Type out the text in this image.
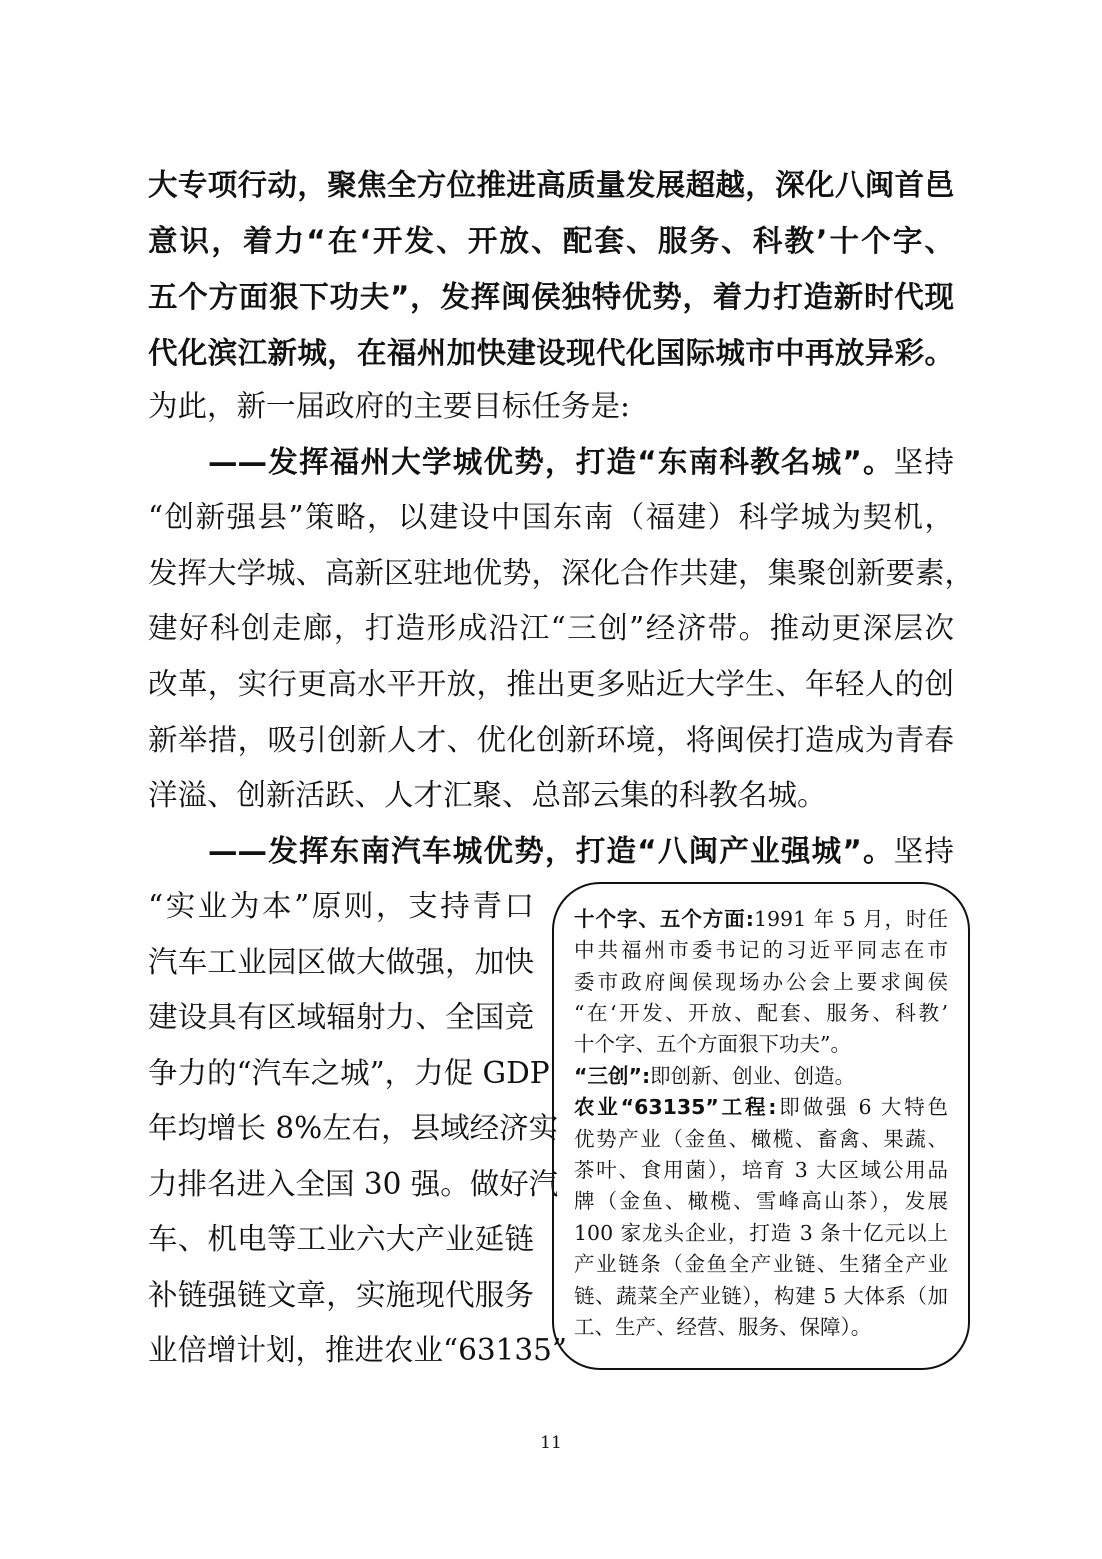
大专项行动，聚焦全方位推进高质量发展超越，深化八闽首邑
意识，着力“在‘开发、开放、配套、服务、科教’十个字、
五个方面狠下功夫”，发挥闽侯独特优势，着力打造新时代现
代化滨江新城，在福州加快建设现代化国际城市中再放异彩。
为此，新一届政府的主要目标任务是:
——发挥福州大学城优势，打造“东南科教名城”。坚持
“创新强县”策略，以建设中国东南（福建）科学城为契机，
发挥大学城、高新区驻地优势，深化合作共建，集聚创新要素，
建好科创走廊，打造形成沿江“三创”经济带。推动更深层次
改革，实行更高水平开放，推出更多贴近大学生、年轻人的创
新举措，吸引创新人才、优化创新环境，将闽侯打造成为青春
洋溢、创新活跃、人才汇聚、总部云集的科教名城。
——发挥东南汽车城优势，打造“八闽产业强城”。坚持
“实业为本”原则，支持青口
汽车工业园区做大做强，加快
建设具有区域辐射力、全国竞
争力的“汽车之城”，力促 GDP
年均增长 8%左右，县域经济实
力排名进入全国 30 强。做好汽
车、机电等工业六大产业延链
补链强链文章，实施现代服务
业倍增计划，推进农业“63135”
十个字、五个方面:1991 年 5 月，时任
中共福州市委书记的习近平同志在市
委市政府闽侯现场办公会上要求闽侯
“在‘开发、开放、配套、服务、科教’
十个字、五个方面狠下功夫”。
“三创”:即创新、创业、创造。
农业“63135”工程:即做强 6 大特色
优势产业（金鱼、橄榄、畜禽、果蔬、
茶叶、食用菌），培育 3 大区域公用品
牌（金鱼、橄榄、雪峰高山茶），发展
100 家龙头企业，打造 3 条十亿元以上
产业链条（金鱼全产业链、生猪全产业
链、蔬菜全产业链），构建 5 大体系（加
工、生产、经营、服务、保障）。
11
